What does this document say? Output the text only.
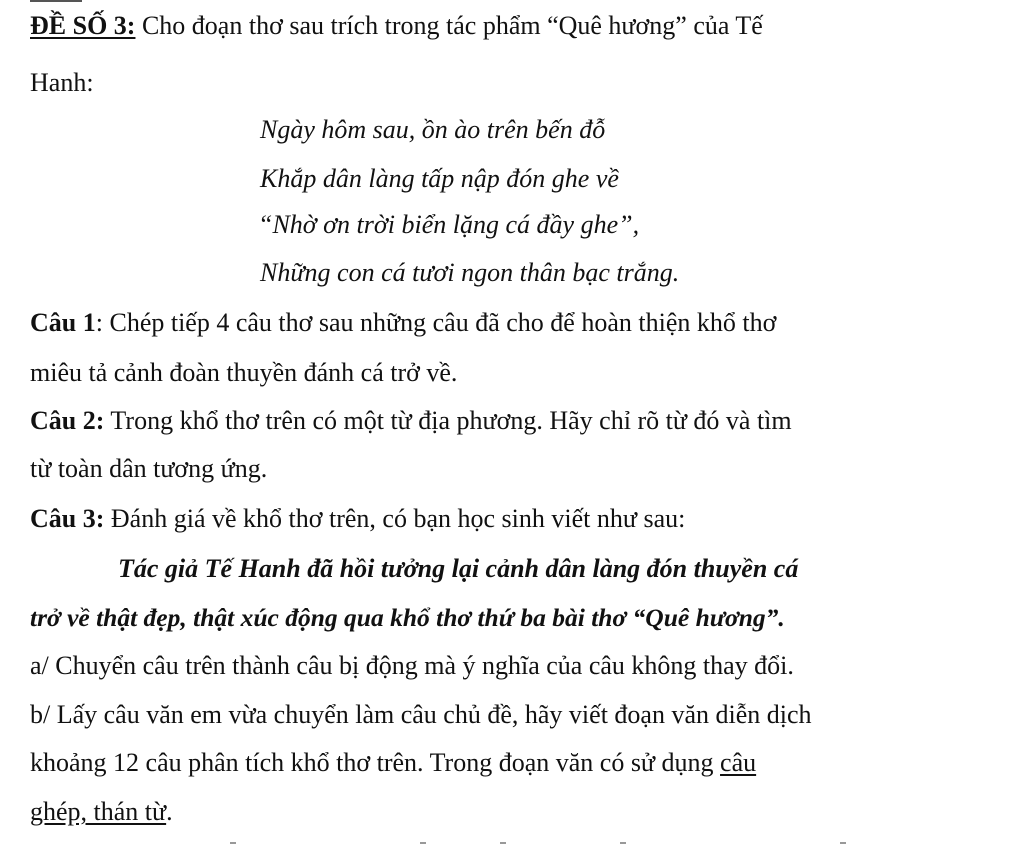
ĐỀ SỐ 3: Cho đoạn thơ sau trích trong tác phẩm “Quê hương” của Tế
Hanh:
Ngày hôm sau, ồn ào trên bến đỗ
Khắp dân làng tấp nập đón ghe về
“Nhờ ơn trời biển lặng cá đầy ghe”,
Những con cá tươi ngon thân bạc trắng.
Câu 1: Chép tiếp 4 câu thơ sau những câu đã cho để hoàn thiện khổ thơ
miêu tả cảnh đoàn thuyền đánh cá trở về.
Câu 2: Trong khổ thơ trên có một từ địa phương. Hãy chỉ rõ từ đó và tìm
từ toàn dân tương ứng.
Câu 3: Đánh giá về khổ thơ trên, có bạn học sinh viết như sau:
Tác giả Tế Hanh đã hồi tưởng lại cảnh dân làng đón thuyền cá
trở về thật đẹp, thật xúc động qua khổ thơ thứ ba bài thơ “Quê hương”.
a/ Chuyển câu trên thành câu bị động mà ý nghĩa của câu không thay đổi.
b/ Lấy câu văn em vừa chuyển làm câu chủ đề, hãy viết đoạn văn diễn dịch
khoảng 12 câu phân tích khổ thơ trên. Trong đoạn văn có sử dụng câu
ghép, thán từ.
